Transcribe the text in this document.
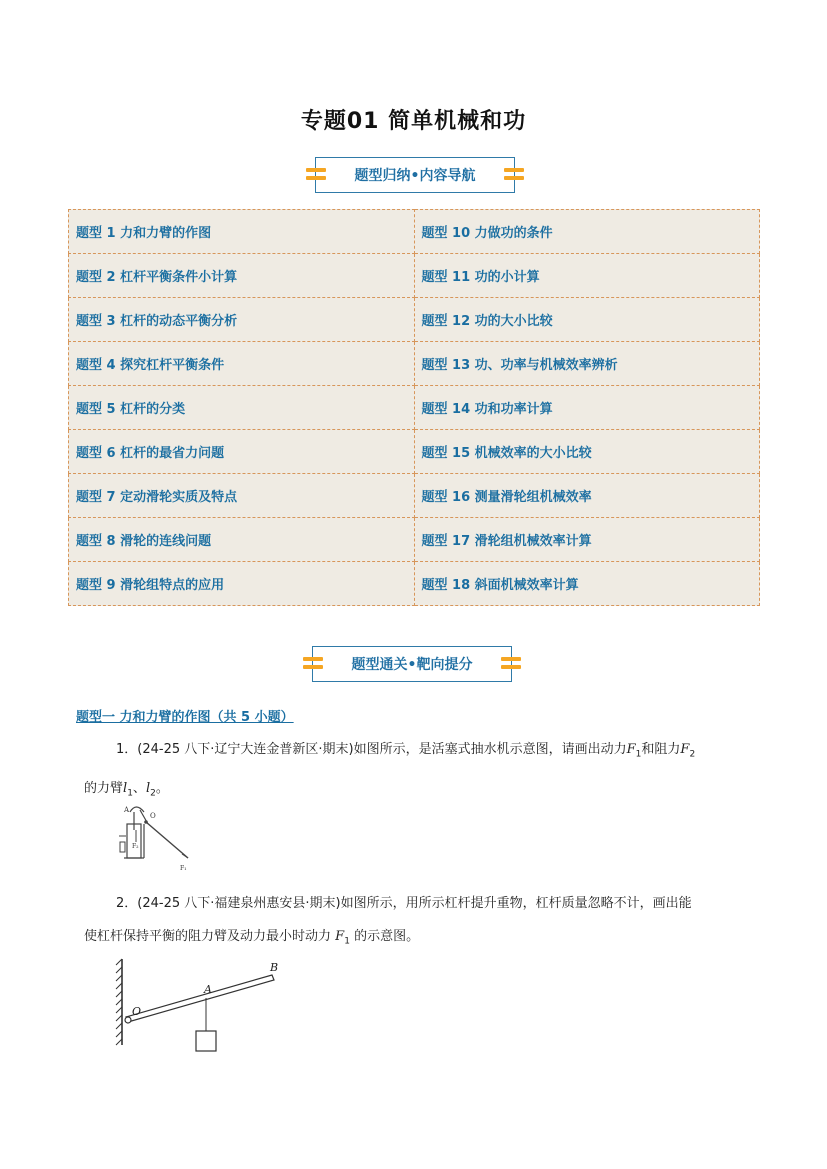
专题01 简单机械和功
题型归纳•内容导航
题型 1 力和力臂的作图	题型 10 力做功的条件
题型 2 杠杆平衡条件小计算	题型 11 功的小计算
题型 3 杠杆的动态平衡分析	题型 12 功的大小比较
题型 4 探究杠杆平衡条件	题型 13 功、功率与机械效率辨析
题型 5 杠杆的分类	题型 14 功和功率计算
题型 6 杠杆的最省力问题	题型 15 机械效率的大小比较
题型 7 定动滑轮实质及特点	题型 16 测量滑轮组机械效率
题型 8 滑轮的连线问题	题型 17 滑轮组机械效率计算
题型 9 滑轮组特点的应用	题型 18 斜面机械效率计算
题型通关•靶向提分
题型一 力和力臂的作图（共 5 小题）
1．(24-25 八下·辽宁大连金普新区·期末)如图所示，是活塞式抽水机示意图，请画出动力$F_1$和阻力$F_2$
的力臂$l_1$、$l_2$。
A
O
F₂
F₁
2．(24-25 八下·福建泉州惠安县·期末)如图所示，用所示杠杆提升重物，杠杆质量忽略不计，画出能
使杠杆保持平衡的阻力臂及动力最小时动力 $F_1$ 的示意图。
O
A
B
